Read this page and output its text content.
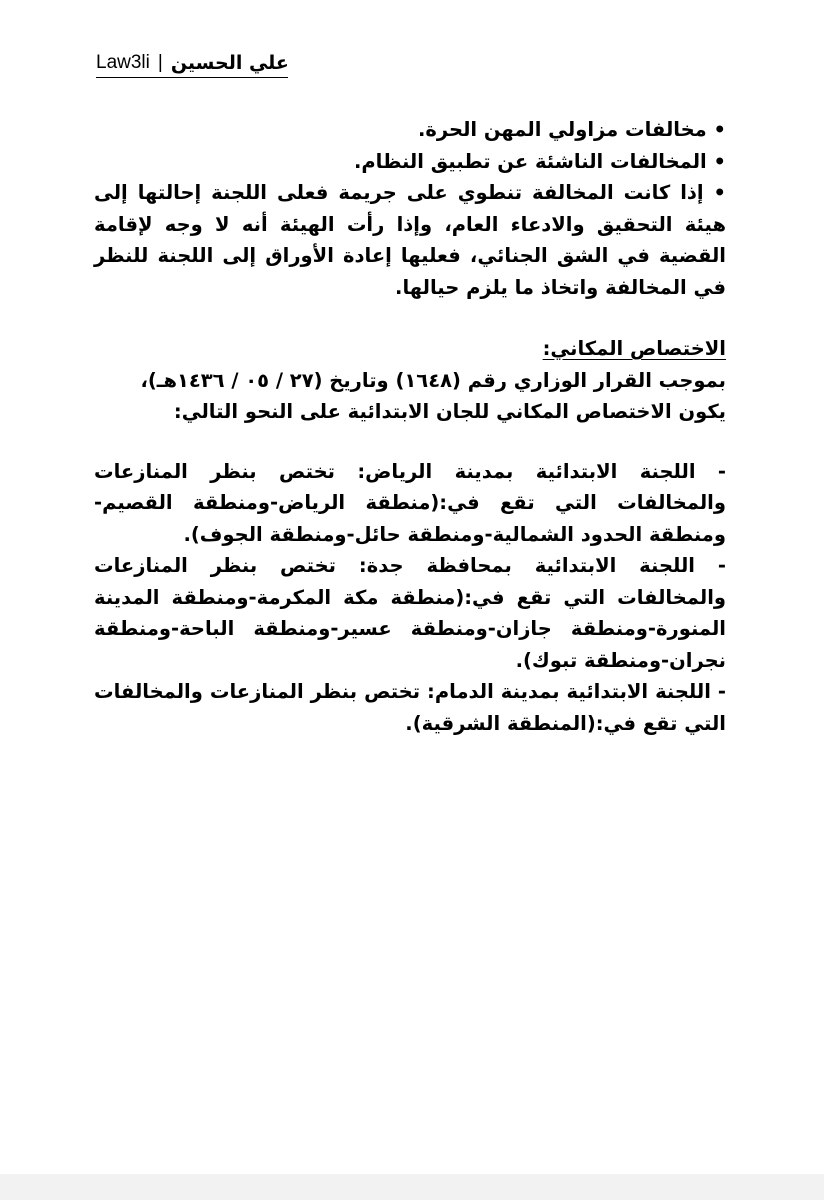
Law3li | علي الحسين

• مخالفات مزاولي المهن الحرة.

• المخالفات الناشئة عن تطبيق النظام.

• إذا كانت المخالفة تنطوي على جريمة فعلى اللجنة إحالتها إلى هيئة التحقيق والادعاء العام، وإذا رأت الهيئة أنه لا وجه لإقامة القضية في الشق الجنائي، فعليها إعادة الأوراق إلى اللجنة للنظر في المخالفة واتخاذ ما يلزم حيالها.

الاختصاص المكاني:

بموجب القرار الوزاري رقم (١٦٤٨) وتاريخ (٢٧ / ٠٥ / ١٤٣٦هـ)،

يكون الاختصاص المكاني للجان الابتدائية على النحو التالي:

- اللجنة الابتدائية بمدينة الرياض: تختص بنظر المنازعات والمخالفات التي تقع في:(منطقة الرياض-ومنطقة القصيم-ومنطقة الحدود الشمالية-ومنطقة حائل-ومنطقة الجوف).

- اللجنة الابتدائية بمحافظة جدة: تختص بنظر المنازعات والمخالفات التي تقع في:(منطقة مكة المكرمة-ومنطقة المدينة المنورة-ومنطقة جازان-ومنطقة عسير-ومنطقة الباحة-ومنطقة نجران-ومنطقة تبوك).

- اللجنة الابتدائية بمدينة الدمام: تختص بنظر المنازعات والمخالفات التي تقع في:(المنطقة الشرقية).
